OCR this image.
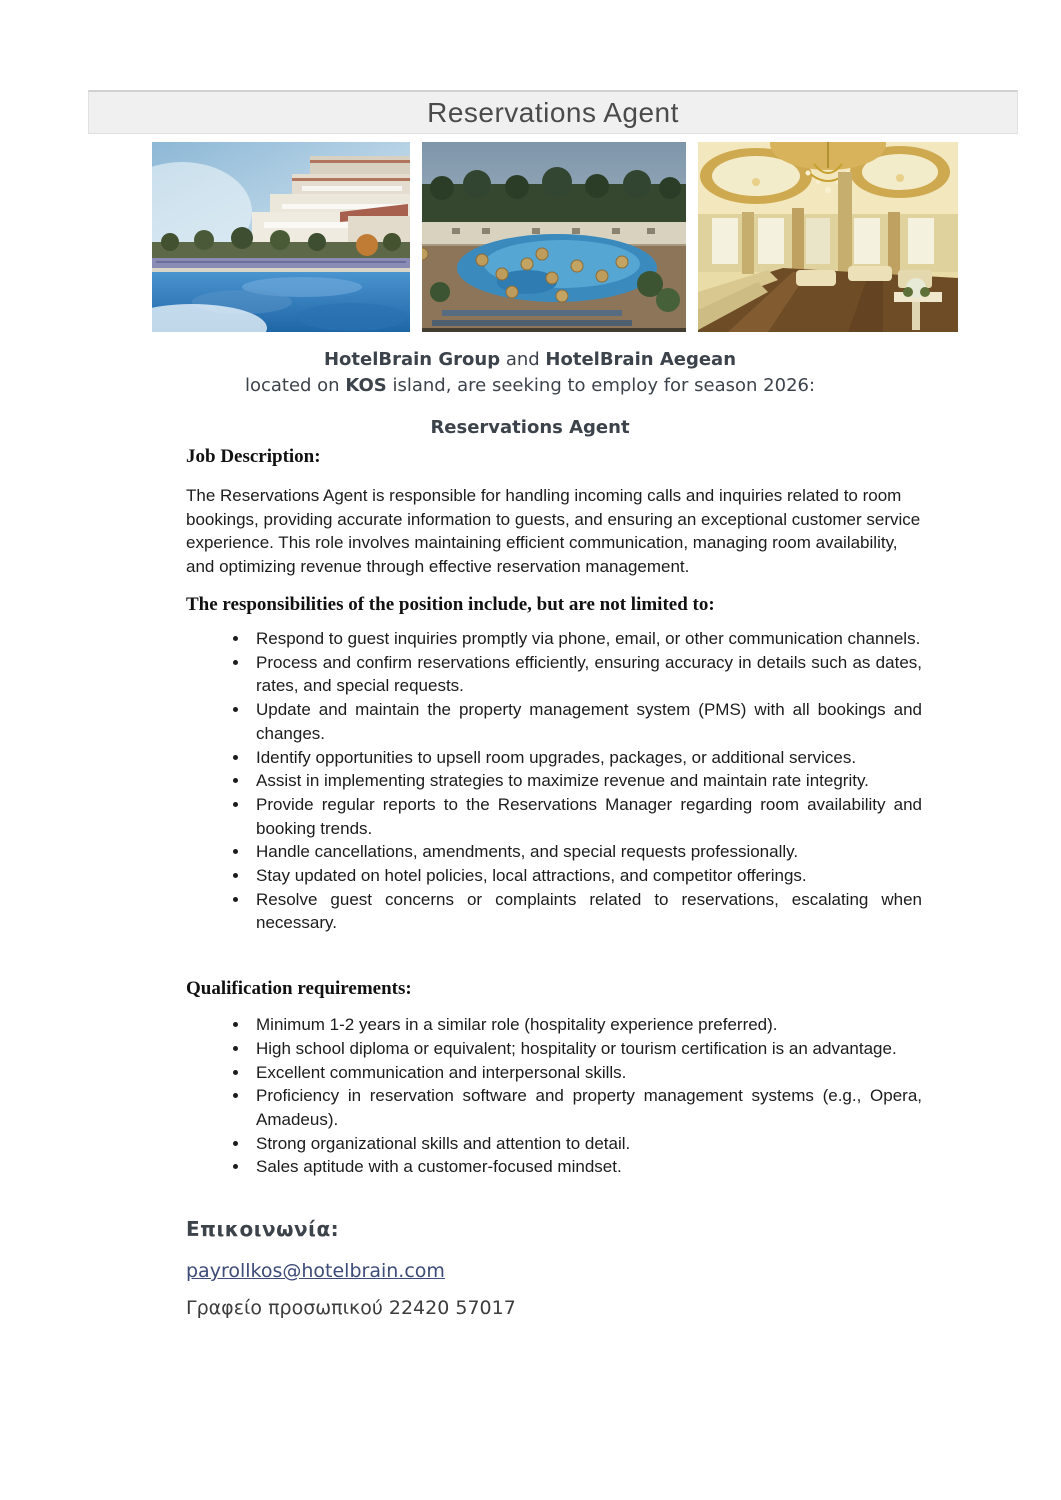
Reservations Agent
HotelBrain Group and HotelBrain Aegean
located on KOS island, are seeking to employ for season 2026:
Reservations Agent
Job Description:

The Reservations Agent is responsible for handling incoming calls and inquiries related to room bookings, providing accurate information to guests, and ensuring an exceptional customer service experience. This role involves maintaining efficient communication, managing room availability, and optimizing revenue through effective reservation management.

The responsibilities of the position include, but are not limited to:
• Respond to guest inquiries promptly via phone, email, or other communication channels.
• Process and confirm reservations efficiently, ensuring accuracy in details such as dates, rates, and special requests.
• Update and maintain the property management system (PMS) with all bookings and changes.
• Identify opportunities to upsell room upgrades, packages, or additional services.
• Assist in implementing strategies to maximize revenue and maintain rate integrity.
• Provide regular reports to the Reservations Manager regarding room availability and booking trends.
• Handle cancellations, amendments, and special requests professionally.
• Stay updated on hotel policies, local attractions, and competitor offerings.
• Resolve guest concerns or complaints related to reservations, escalating when necessary.
Qualification requirements:
• Minimum 1-2 years in a similar role (hospitality experience preferred).
• High school diploma or equivalent; hospitality or tourism certification is an advantage.
• Excellent communication and interpersonal skills.
• Proficiency in reservation software and property management systems (e.g., Opera, Amadeus).
• Strong organizational skills and attention to detail.
• Sales aptitude with a customer-focused mindset.
Επικοινωνία:
payrollkos@hotelbrain.com
Γραφείο προσωπικού 22420 57017
